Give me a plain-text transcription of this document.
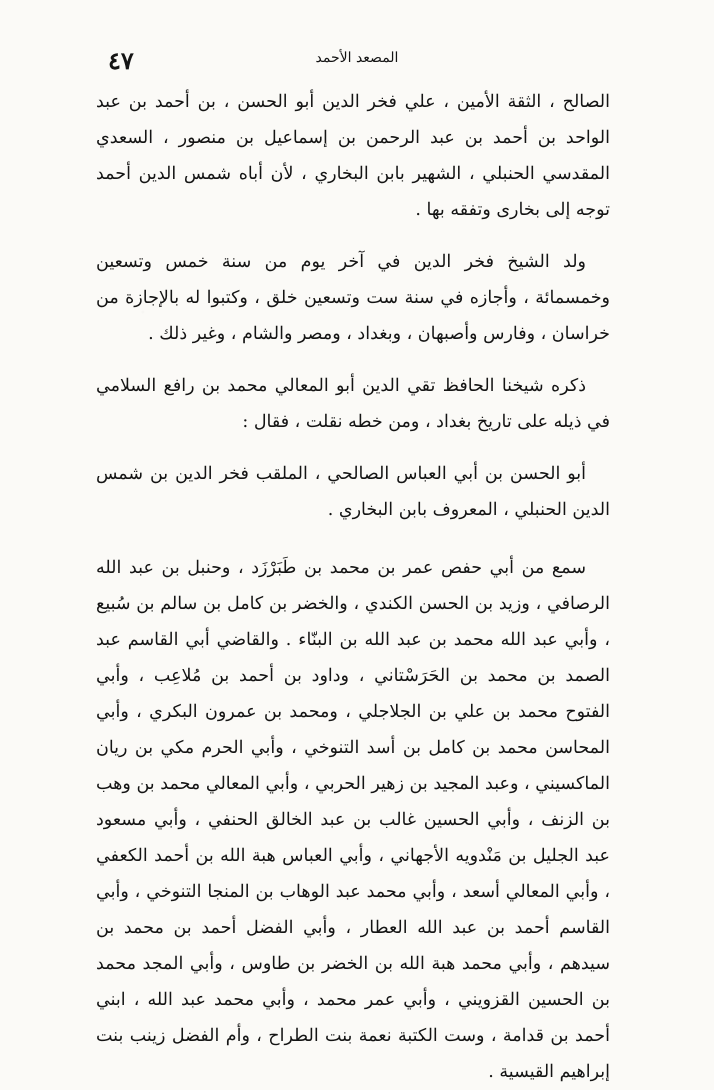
٤٧	المصعد الأحمد

الصالح ، الثقة الأمين ، علي فخر الدين أبو الحسن ، بن أحمد بن عبد الواحد بن أحمد بن عبد الرحمن بن إسماعيل بن منصور ، السعدي المقدسي الحنبلي ، الشهير بابن البخاري ، لأن أباه شمس الدين أحمد توجه إلى بخارى وتفقه بها .

ولد الشيخ فخر الدين في آخر يوم من سنة خمس وتسعين وخمسمائة ، وأجازه في سنة ست وتسعين خلق ، وكتبوا له بالإجازة من خراسان ، وفارس وأصبهان ، وبغداد ، ومصر والشام ، وغير ذلك .

ذكره شيخنا الحافظ تقي الدين أبو المعالي محمد بن رافع السلامي في ذيله على تاريخ بغداد ، ومن خطه نقلت ، فقال :

أبو الحسن بن أبي العباس الصالحي ، الملقب فخر الدين بن شمس الدين الحنبلي ، المعروف بابن البخاري .

سمع من أبي حفص عمر بن محمد بن طَبَرْزَد ، وحنبل بن عبد الله الرصافي ، وزيد بن الحسن الكندي ، والخضر بن كامل بن سالم بن سُبيع ، وأبي عبد الله محمد بن عبد الله بن البنّاء . والقاضي أبي القاسم عبد الصمد بن محمد بن الحَرَسْتاني ، وداود بن أحمد بن مُلاعِب ، وأبي الفتوح محمد بن علي بن الجلاجلي ، ومحمد بن عمرون البكري ، وأبي المحاسن محمد بن كامل بن أسد التنوخي ، وأبي الحرم مكي بن ريان الماكسيني ، وعبد المجيد بن زهير الحربي ، وأبي المعالي محمد بن وهب بن الزنف ، وأبي الحسين غالب بن عبد الخالق الحنفي ، وأبي مسعود عبد الجليل بن مَنْدويه الأجهاني ، وأبي العباس هبة الله بن أحمد الكعفي ، وأبي المعالي أسعد ، وأبي محمد عبد الوهاب بن المنجا التنوخي ، وأبي القاسم أحمد بن عبد الله العطار ، وأبي الفضل أحمد بن محمد بن سيدهم ، وأبي محمد هبة الله بن الخضر بن طاوس ، وأبي المجد محمد بن الحسين القزويني ، وأبي عمر محمد ، وأبي محمد عبد الله ، ابني أحمد بن قدامة ، وست الكتبة نعمة بنت الطراح ، وأم الفضل زينب بنت إبراهيم القيسية .
